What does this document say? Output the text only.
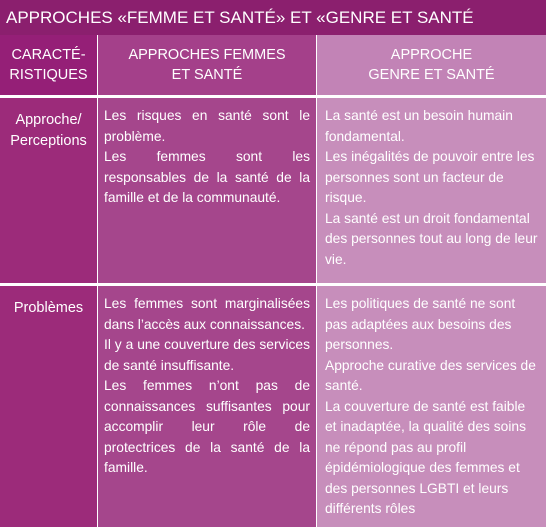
APPROCHES «FEMME ET SANTÉ» ET «GENRE ET SANTÉ
CARACTÉ-
RISTIQUES
APPROCHES FEMMES
ET SANTÉ
APPROCHE
GENRE ET SANTÉ
Approche/ Perceptions

Les risques en santé sont le problème.

Les femmes sont les responsables de la santé de la famille et de la communauté.

La santé est un besoin humain fondamental.

Les inégalités de pouvoir entre les personnes sont un facteur de risque.

La santé est un droit fondamental des personnes tout au long de leur vie.

Problèmes	Les femmes sont marginalisées dans l’accès aux connaissances.

Il y a une couverture des services de santé insuffisante.

Les femmes n’ont pas de connaissances suffisantes pour accomplir leur rôle de protectrices de la santé de la famille.

Les politiques de santé ne sont pas adaptées aux besoins des personnes.

Approche curative des services de santé.

La couverture de santé est faible et inadaptée, la qualité des soins ne répond pas au profil épidémiologique des femmes et des personnes LGBTI et leurs différents rôles
